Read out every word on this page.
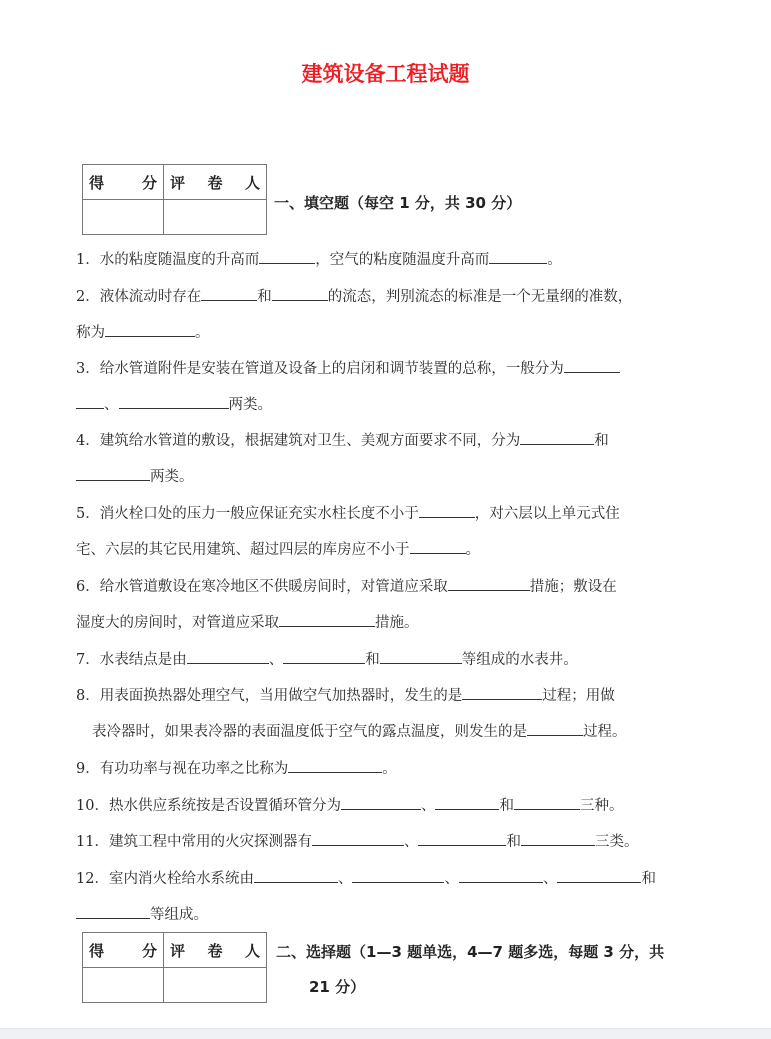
建筑设备工程试题
得 分	评 卷 人

一、填空题（每空 1 分，共 30 分）
1．水的粘度随温度的升高而	，空气的粘度随温度升高而	。
2．液体流动时存在	和	的流态，判别流态的标准是一个无量纲的准数，
称为	。
3．给水管道附件是安装在管道及设备上的启闭和调节装置的总称，一般分为
、	两类。
4．建筑给水管道的敷设，根据建筑对卫生、美观方面要求不同，分为	和
两类。
5．消火栓口处的压力一般应保证充实水柱长度不小于	，对六层以上单元式住
宅、六层的其它民用建筑、超过四层的库房应不小于	。
6．给水管道敷设在寒冷地区不供暖房间时，对管道应采取	措施；敷设在
湿度大的房间时，对管道应采取	措施。
7．水表结点是由	、	和	等组成的水表井。
8．用表面换热器处理空气，当用做空气加热器时，发生的是	过程；用做
表冷器时，如果表冷器的表面温度低于空气的露点温度，则发生的是	过程。
9．有功功率与视在功率之比称为	。
10．热水供应系统按是否设置循环管分为	、	和	三种。
11．建筑工程中常用的火灾探测器有	、	和	三类。
12．室内消火栓给水系统由	、	、	、	和
等组成。
得 分	评 卷 人

	二、选择题（1—3 题单选，4—7 题多选，每题 3 分，共
21 分）
